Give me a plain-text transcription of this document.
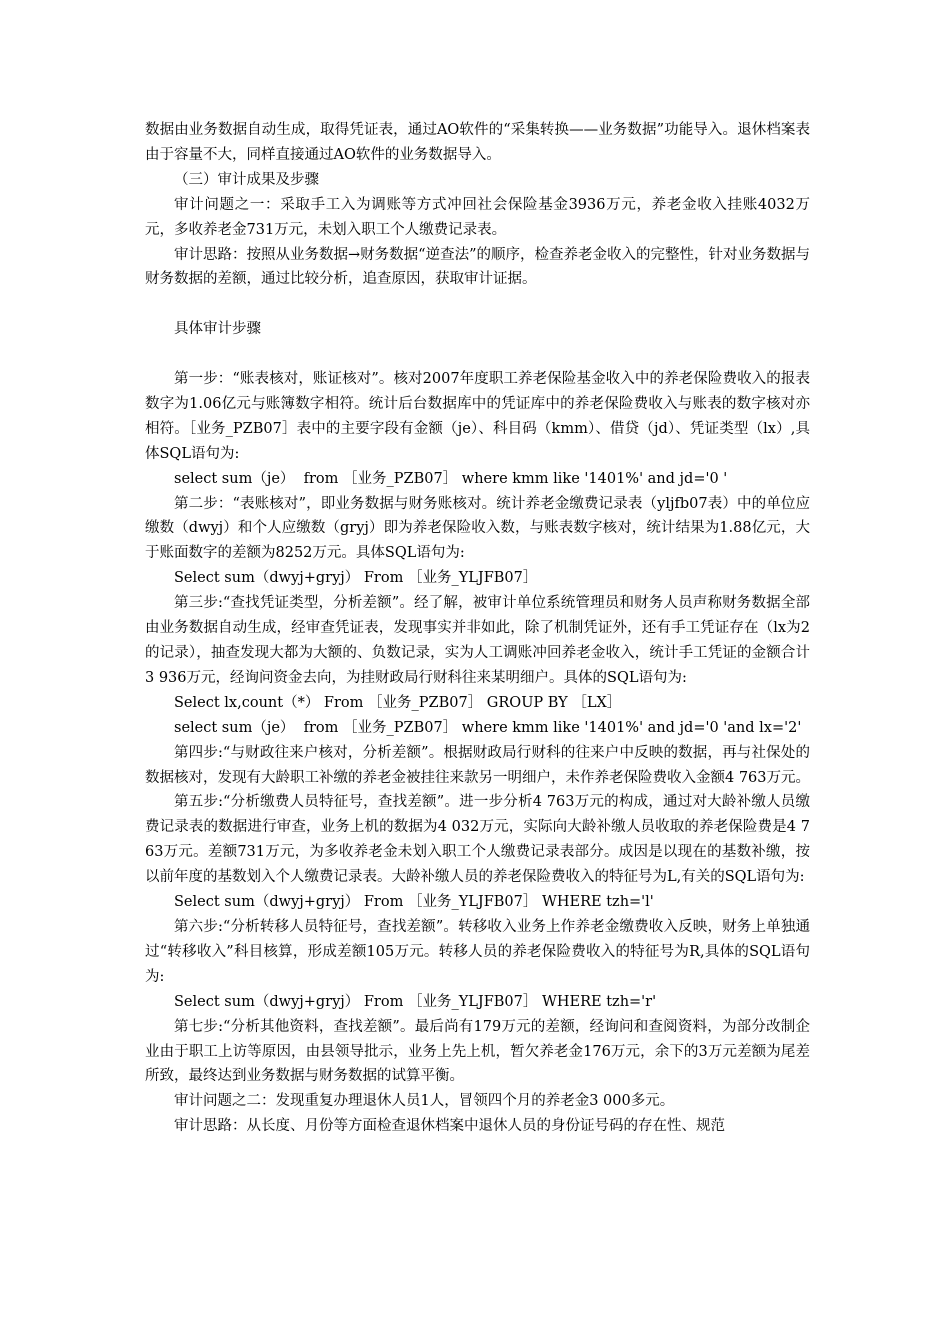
数据由业务数据自动生成，取得凭证表，通过AO软件的“采集转换——业务数据”功能导入。退休档案表由于容量不大，同样直接通过AO软件的业务数据导入。

（三）审计成果及步骤

审计问题之一：采取手工入为调账等方式冲回社会保险基金3936万元，养老金收入挂账4032万元，多收养老金731万元，未划入职工个人缴费记录表。

审计思路：按照从业务数据→财务数据“逆查法”的顺序，检查养老金收入的完整性，针对业务数据与财务数据的差额，通过比较分析，追查原因，获取审计证据。

具体审计步骤

第一步：“账表核对，账证核对”。核对2007年度职工养老保险基金收入中的养老保险费收入的报表数字为1.06亿元与账簿数字相符。统计后台数据库中的凭证库中的养老保险费收入与账表的数字核对亦相符。［业务_PZB07］表中的主要字段有金额（je）、科目码（kmm）、借贷（jd）、凭证类型（lx）,具体SQL语句为:

select sum（je）  from ［业务_PZB07］ where kmm like '1401%' and jd='0 '

第二步：“表账核对”，即业务数据与财务账核对。统计养老金缴费记录表（yljfb07表）中的单位应缴数（dwyj）和个人应缴数（gryj）即为养老保险收入数，与账表数字核对，统计结果为1.88亿元，大于账面数字的差额为8252万元。具体SQL语句为:

Select sum（dwyj+gryj） From ［业务_YLJFB07］

第三步:“查找凭证类型，分析差额”。经了解，被审计单位系统管理员和财务人员声称财务数据全部由业务数据自动生成，经审查凭证表，发现事实并非如此，除了机制凭证外，还有手工凭证存在（lx为2的记录），抽查发现大都为大额的、负数记录，实为人工调账冲回养老金收入，统计手工凭证的金额合计3 936万元，经询问资金去向，为挂财政局行财科往来某明细户。具体的SQL语句为:

Select lx,count（*） From ［业务_PZB07］ GROUP BY ［LX］

select sum（je）  from ［业务_PZB07］ where kmm like '1401%' and jd='0 'and lx='2'

第四步:“与财政往来户核对，分析差额”。根据财政局行财科的往来户中反映的数据，再与社保处的数据核对，发现有大龄职工补缴的养老金被挂往来款另一明细户，未作养老保险费收入金额4 763万元。

第五步:“分析缴费人员特征号，查找差额”。进一步分析4 763万元的构成，通过对大龄补缴人员缴费记录表的数据进行审查，业务上机的数据为4 032万元，实际向大龄补缴人员收取的养老保险费是4 763万元。差额731万元，为多收养老金未划入职工个人缴费记录表部分。成因是以现在的基数补缴，按以前年度的基数划入个人缴费记录表。大龄补缴人员的养老保险费收入的特征号为L,有关的SQL语句为:

Select sum（dwyj+gryj） From ［业务_YLJFB07］ WHERE tzh='l'

第六步:“分析转移人员特征号，查找差额”。转移收入业务上作养老金缴费收入反映，财务上单独通过“转移收入”科目核算，形成差额105万元。转移人员的养老保险费收入的特征号为R,具体的SQL语句为:

Select sum（dwyj+gryj） From ［业务_YLJFB07］ WHERE tzh='r'

第七步:“分析其他资料，查找差额”。最后尚有179万元的差额，经询问和查阅资料，为部分改制企业由于职工上访等原因，由县领导批示，业务上先上机，暂欠养老金176万元，余下的3万元差额为尾差所致，最终达到业务数据与财务数据的试算平衡。

审计问题之二：发现重复办理退休人员1人，冒领四个月的养老金3 000多元。

审计思路：从长度、月份等方面检查退休档案中退休人员的身份证号码的存在性、规范
